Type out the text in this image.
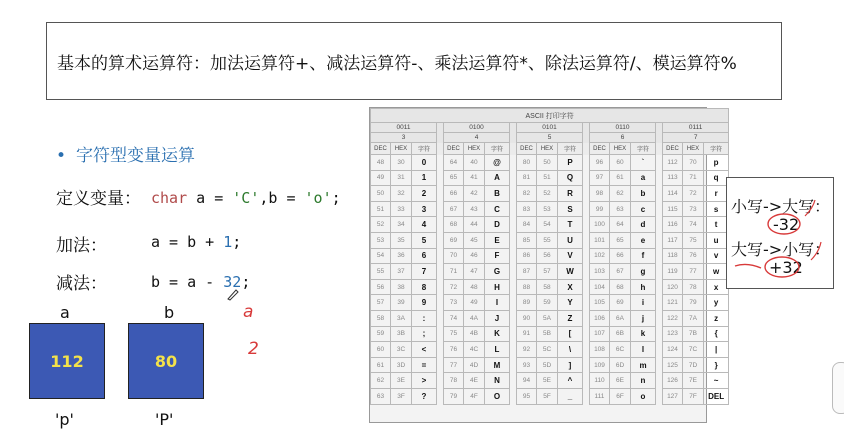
基本的算术运算符：加法运算符+、减法运算符-、乘法运算符*、除法运算符/、模运算符%
• 字符型变量运算
定义变量： char a = 'C',b = 'o';
加法：	a = b + 1;
减法：	b = a - 32;
a	b
112	80
'p'	'P'
a
2
ASCII 打印字符																		
0011				0100				0101				0110				0111		
3				4				5				6				7		
DEC	HEX	字符		DEC	HEX	字符		DEC	HEX	字符		DEC	HEX	字符		DEC	HEX	字符
48	30	0		64	40	@		80	50	P		96	60	`		112	70	p
49	31	1		65	41	A		81	51	Q		97	61	a		113	71	q
50	32	2		66	42	B		82	52	R		98	62	b		114	72	r
51	33	3		67	43	C		83	53	S		99	63	c		115	73	s
52	34	4		68	44	D		84	54	T		100	64	d		116	74	t
53	35	5		69	45	E		85	55	U		101	65	e		117	75	u
54	36	6		70	46	F		86	56	V		102	66	f		118	76	v
55	37	7		71	47	G		87	57	W		103	67	g		119	77	w
56	38	8		72	48	H		88	58	X		104	68	h		120	78	x
57	39	9		73	49	I		89	59	Y		105	69	i		121	79	y
58	3A	:		74	4A	J		90	5A	Z		106	6A	j		122	7A	z
59	3B	;		75	4B	K		91	5B	[		107	6B	k		123	7B	{
60	3C	<		76	4C	L		92	5C	\		108	6C	l		124	7C	|
61	3D	=		77	4D	M		93	5D	]		109	6D	m		125	7D	}
62	3E	>		78	4E	N		94	5E	^		110	6E	n		126	7E	~
63	3F	?		79	4F	O		95	5F	_		111	6F	o		127	7F	DEL
小写->大写：
-32
大写->小写：
+32
